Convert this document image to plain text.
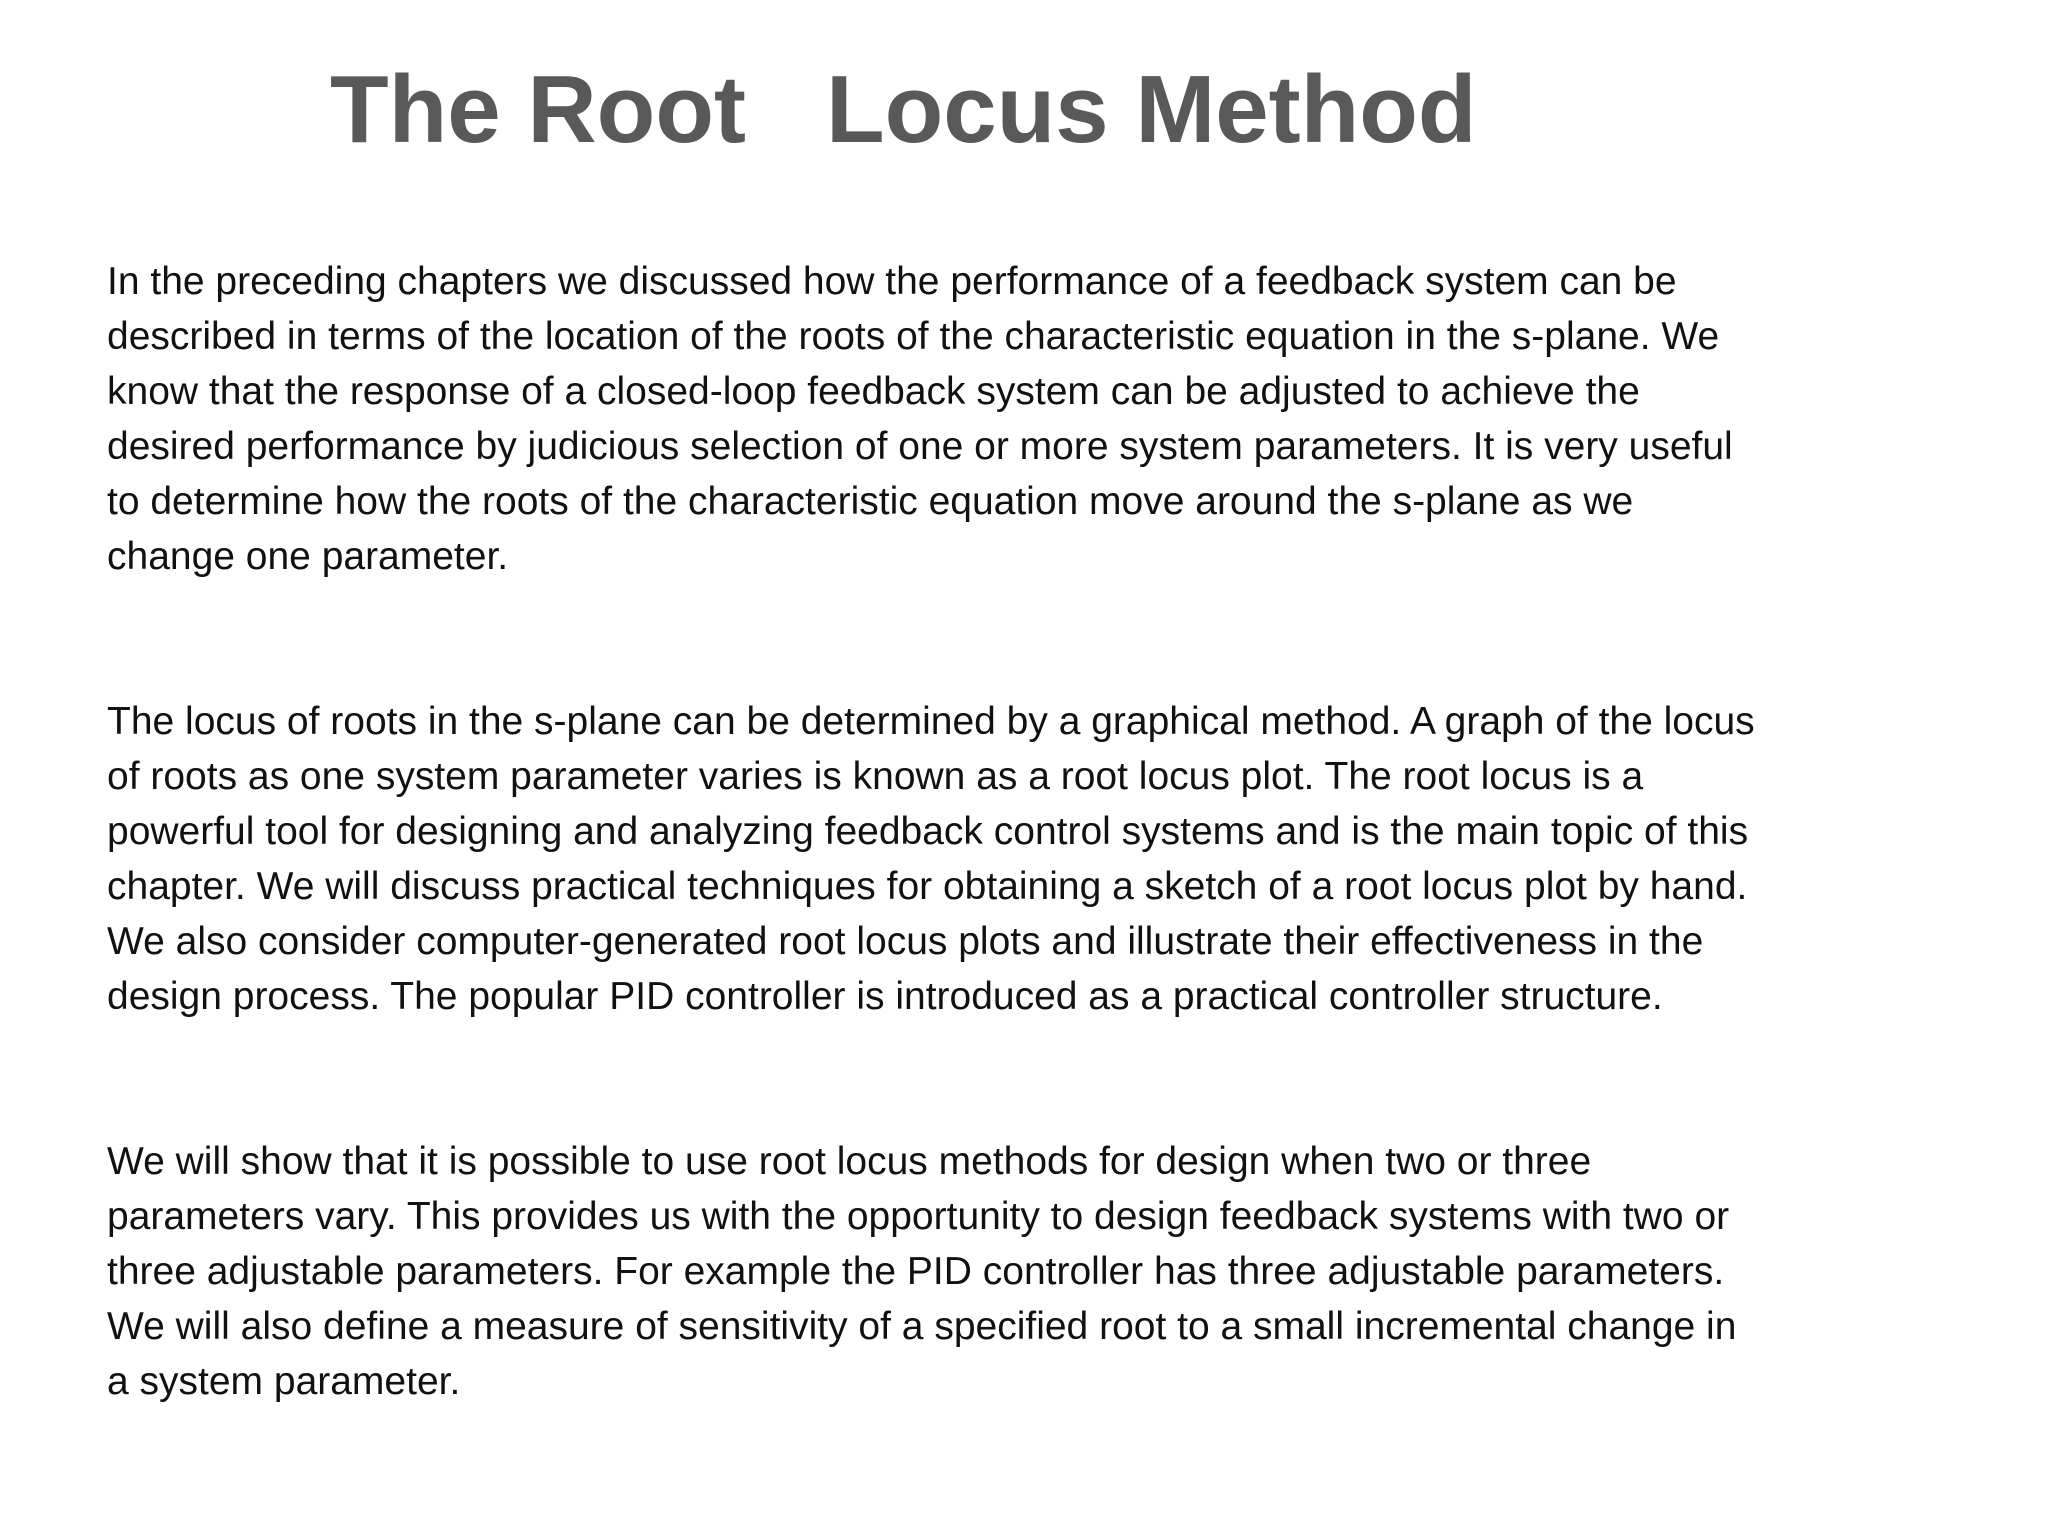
The Root   Locus Method

In the preceding chapters we discussed how the performance of a feedback system can be
described in terms of the location of the roots of the characteristic equation in the s-plane. We
know that the response of a closed-loop feedback system can be adjusted to achieve the
desired performance by judicious selection of one or more system parameters. It is very useful
to determine how the roots of the characteristic equation move around the s-plane as we
change one parameter.

The locus of roots in the s-plane can be determined by a graphical method. A graph of the locus
of roots as one system parameter varies is known as a root locus plot. The root locus is a
powerful tool for designing and analyzing feedback control systems and is the main topic of this
chapter. We will discuss practical techniques for obtaining a sketch of a root locus plot by hand.
We also consider computer-generated root locus plots and illustrate their effectiveness in the
design process. The popular PID controller is introduced as a practical controller structure.

We will show that it is possible to use root locus methods for design when two or three
parameters vary. This provides us with the opportunity to design feedback systems with two or
three adjustable parameters. For example the PID controller has three adjustable parameters.
We will also define a measure of sensitivity of a specified root to a small incremental change in
a system parameter.
